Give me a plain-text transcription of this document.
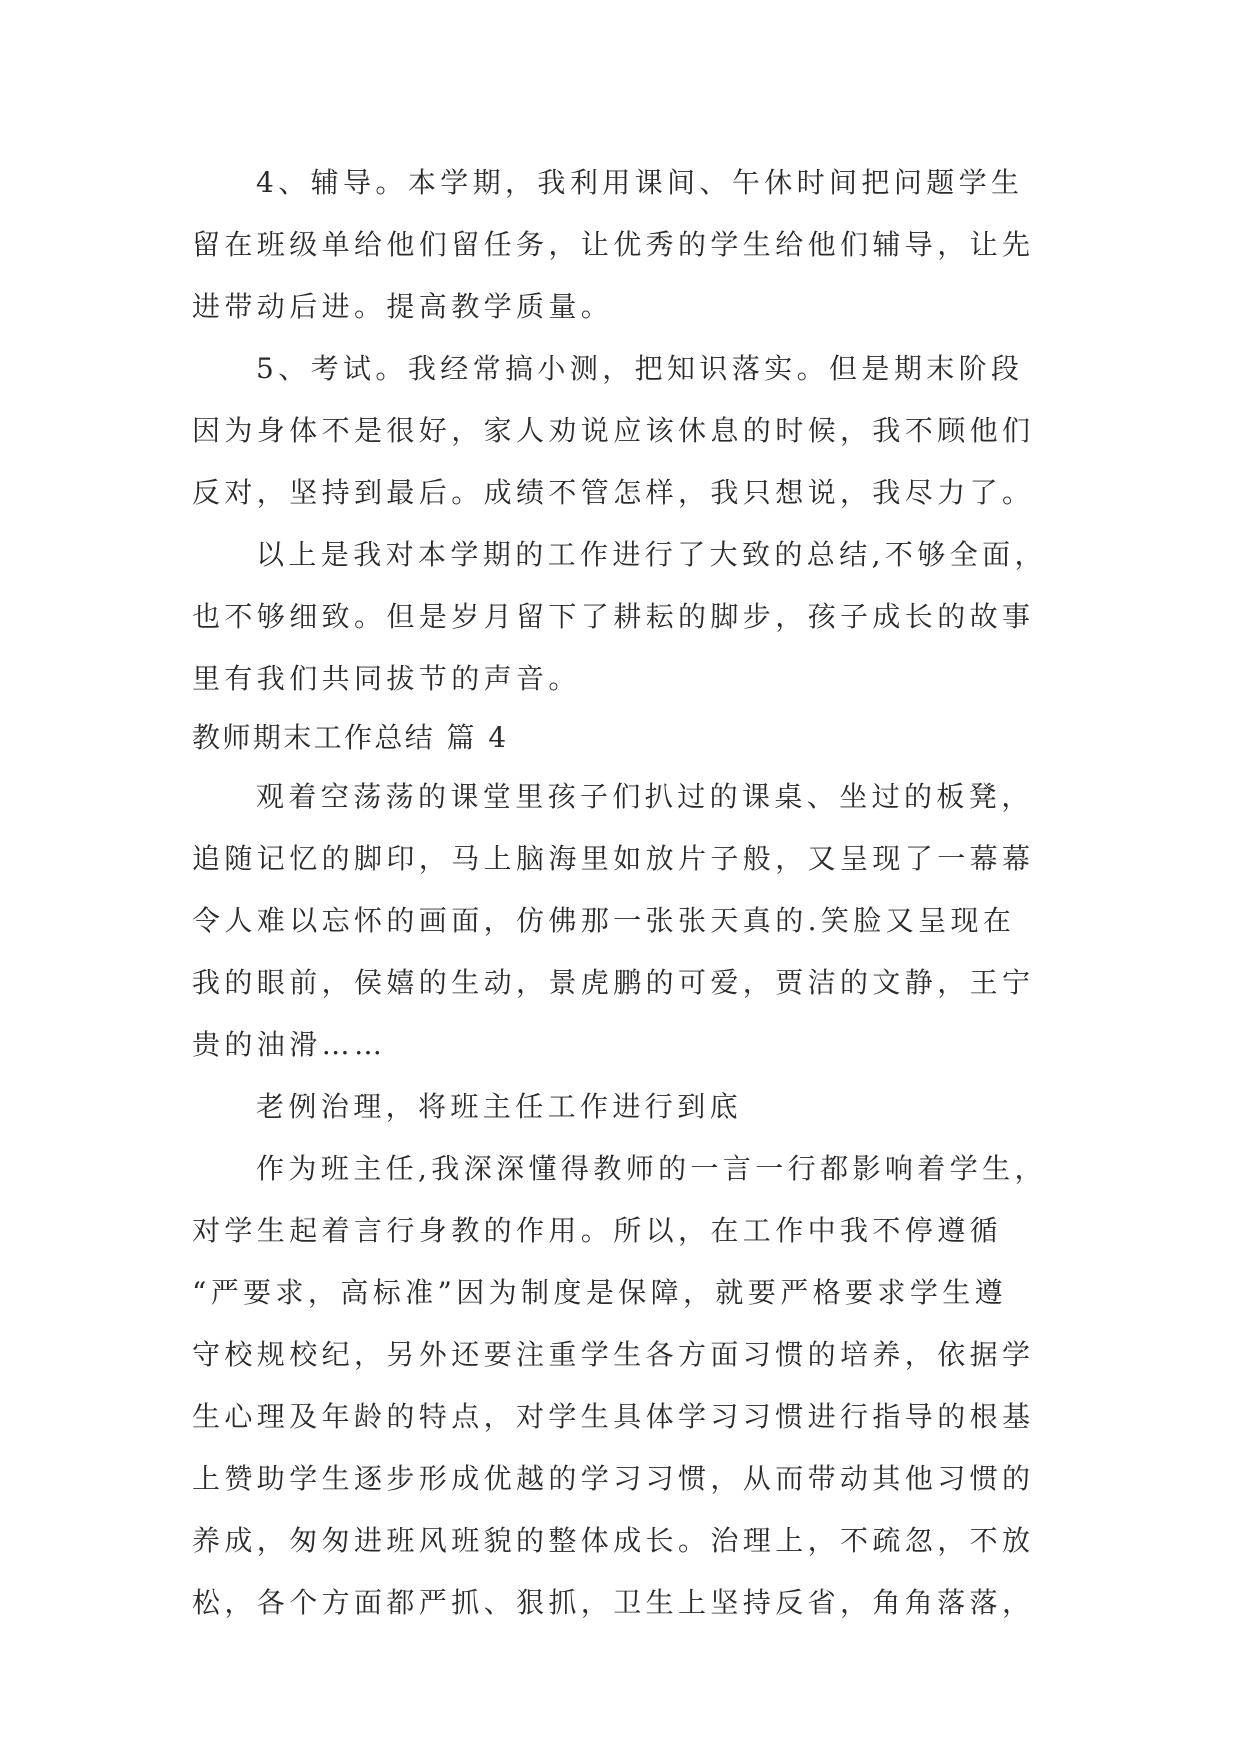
4、辅导。本学期，我利用课间、午休时间把问题学生
留在班级单给他们留任务，让优秀的学生给他们辅导，让先
进带动后进。提高教学质量。
5、考试。我经常搞小测，把知识落实。但是期末阶段
因为身体不是很好，家人劝说应该休息的时候，我不顾他们
反对，坚持到最后。成绩不管怎样，我只想说，我尽力了。
以上是我对本学期的工作进行了大致的总结,不够全面，
也不够细致。但是岁月留下了耕耘的脚步，孩子成长的故事
里有我们共同拔节的声音。
教师期末工作总结 篇 4
观着空荡荡的课堂里孩子们扒过的课桌、坐过的板凳，
追随记忆的脚印，马上脑海里如放片子般，又呈现了一幕幕
令人难以忘怀的画面，仿佛那一张张天真的.笑脸又呈现在
我的眼前，侯嬉的生动，景虎鹏的可爱，贾洁的文静，王宁
贵的油滑……
老例治理，将班主任工作进行到底
作为班主任,我深深懂得教师的一言一行都影响着学生，
对学生起着言行身教的作用。所以，在工作中我不停遵循
“严要求，高标准”因为制度是保障，就要严格要求学生遵
守校规校纪，另外还要注重学生各方面习惯的培养，依据学
生心理及年龄的特点，对学生具体学习习惯进行指导的根基
上赞助学生逐步形成优越的学习习惯，从而带动其他习惯的
养成，匆匆进班风班貌的整体成长。治理上，不疏忽，不放
松，各个方面都严抓、狠抓，卫生上坚持反省，角角落落，
